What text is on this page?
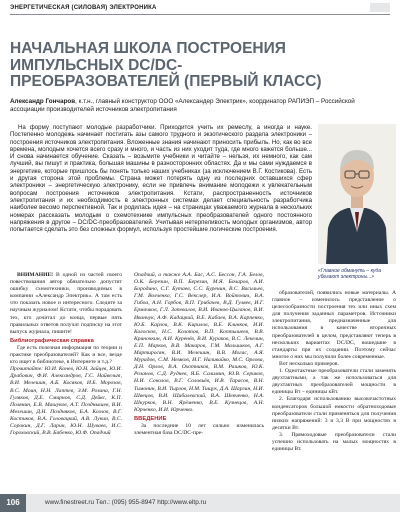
ЭНЕРГЕТИЧЕСКАЯ (СИЛОВАЯ) ЭЛЕКТРОНИКА
НАЧАЛЬНАЯ ШКОЛА ПОСТРОЕНИЯ ИМПУЛЬСНЫХ DC/DC-ПРЕОБРАЗОВАТЕЛЕЙ (ПЕРВЫЙ КЛАСС)
Александр Гончаров, к.т.н., главный конструктор ООО «Александер Электрик», координатор РАПИЭП – Российской ассоциации производителей источников электропитания

На форму поступают молодые разработчики. Приходится учить их ремеслу, а иногда и науке. Постепенно молодежь начинает постигать азы самого трудного и экзотического раздела электроники – построения источников электропитания. Вложенные знания начинают приносить прибыль. Но, как во все времена, молодым хочется всего сразу и много, и часть из них уходит туда, где много кажется больше... И снова начинается обучение. Сказать – возьмите учебники и читайте – нельзя, их немного, как сам лучший, вы пишут и практика, большая машины в разносторонних областях. Да и мы сами нуждаемся в энергетике, которые пришлось бы понять только наших учебниках (за исключением В.Г. Костикова). Есть и другая сторона этой проблемы. Страна может потерять одну из последних оставшихся сфер электроники – энергетическую электронику, если не привлечь внимание молодежи к увлекательным вопросам построения источников электропитания. Кстати, распространенность источников электропитания и их необходимость в электронных системах делает специальность разработчика наиболее весомо перспективной. Так и родилась идея – на страницах уважаемого журнала в нескольких номерах рассказать молодым о схемотехнике импульсных преобразователей одного постоянного напряжения в другое – DC/DC-преобразователей. Учитывая нетерпеливость молодых организмов, автор попытается сделать это без сложных формул, используя простейшие логические построения.

«Главное обмануть – куда убегают электроны...»

ВНИМАНИЕ! В одной из частей своего повествования автор обязательно допустит ошибку схемотехники, производимых в компании «Александр Электрик». А там есть что показать новое и интересного. Следите за научным журналом! Кстати, чтобы порадовать тех, кто дочитал до конца, первые пять правильных ответов получат подписку на этот выпуск журнала, пишите!

Библиографическая справка

Где есть полезная информация по теории и практике преобразователей? Как и все, везде кто ищет в библиотеке, в Интернете и т.д.?

Прочитайте: Ю.И. Конев, Ю.Н. Зайцев, Ю.И. Драбович, Ф.И. Александров, Г.С. Найвельт, В.И. Мелешин, А.Б. Косяков, И.Б. Морозов, В.С. Моин, Н.Н. Лаптев, З.М. Розина, Г.Н. Гуляков, Д.Е. Смирнов, С.Д. Дейкс, К.П. Полянин, Е.В. Машуков, А.Т. Позднышев, В.И. Мелешин, Д.Н. Поздняков, Б.А. Козлов, В.Г. Костиков, В.А. Головацкий, А.В. Лукин, В.С. Сорокин, Д.Г. Ларин, Ю.Н. Шуваев, И.С. Гороховский, В.В. Бабенко, Ю.Ф. Опадчий

Опадчий, а также А.А. Бас, А.С. Бессон, Г.А. Белов, О.К. Березин, В.П. Березин, М.Я. Бочаров, А.И. Бородино, С.Г. Бутаев, С.С. Буренин, В.С. Васильев, Г.М. Волченко, Г.С. Векслер, И.А. Войтович, В.А. Гибоа, А.Н. Горбов, В.П. Грибачев, В.Д. Гуляев, И.Г. Ермачков, Г.Л. Запевалов, В.И. Иванов-Цыганов, В.И. Иванчук, А.Ф. Кадацкий, В.Е. Кабаев, В.А. Карпенко, Ю.Б. Карлов, В.К. Кирилов, В.Е. Клинков, И.И. Колосков, Н.С. Колотов, В.П. Коптышеев, В.В. Криночкин, А.И. Куренёв, В.И. Кураков, В.С. Лекелин, Е.П. Марков, В.В. Макаров, Г.М. Малышков, А.Г. Мартиросян, В.И. Мелешин, В.В. Могас, А.Я. Мурадов, С.М. Немков, И.Г. Наливайко, М.С. Орлова, Д.Н. Орлов, В.А. Охотников, В.М. Рашков, Ю.К. Розанов, С.Д. Руднев, Я.Б. Салимин, Ю.В. Сериков, Н.И. Соколов, В.Г. Соловьёв, И.В. Тарасов, В.Н. Тимонин, В.И. Тырлов, Н.М. Тищук, Д.А. Шаргин, Н.И. Швецов, В.И. Шибалевский, В.А. Шевченко, Н.А. Шкурков, В.Н. Ярёменко, В.Е. Кузнецов, А.Н. Юрченко, И.И. Юрченко.

ВВЕДЕНИЕ

За последние 10 лет сильно изменилась элементная база DC/DC-пре-

образователей, появились новые материалы. А главное – изменилось представление о целесообразности построения тех или иных схем для получения заданных параметров. Источники электропитания, предназначенные для использования в качестве вторичных преобразователей в целом, представляют теперь в нескольких вариантах DC/DC, вошедшие в стандарты при их создании. Поэтому сейчас многое о них мы получили более современные.

Вот несколько примеров.

1. Однотактные преобразователи стали заменять двухтактными, а так же использоваться для двухтактных преобразователей мощности в единицы Вт – единицы кВт.

2. Благодаря использованию высокочастотных конденсаторов большой емкости обратноходовые преобразователи стали применяться для получения низких напряжений: 3 и 3,3 В при мощностях в десятки Вт.

3. Прямоходовые преобразователи стали успешно использовать на малых мощностях в единицы Вт.

106	www.finestreet.ru Тел.: (095) 955-8947 http://www.eltp.ru
